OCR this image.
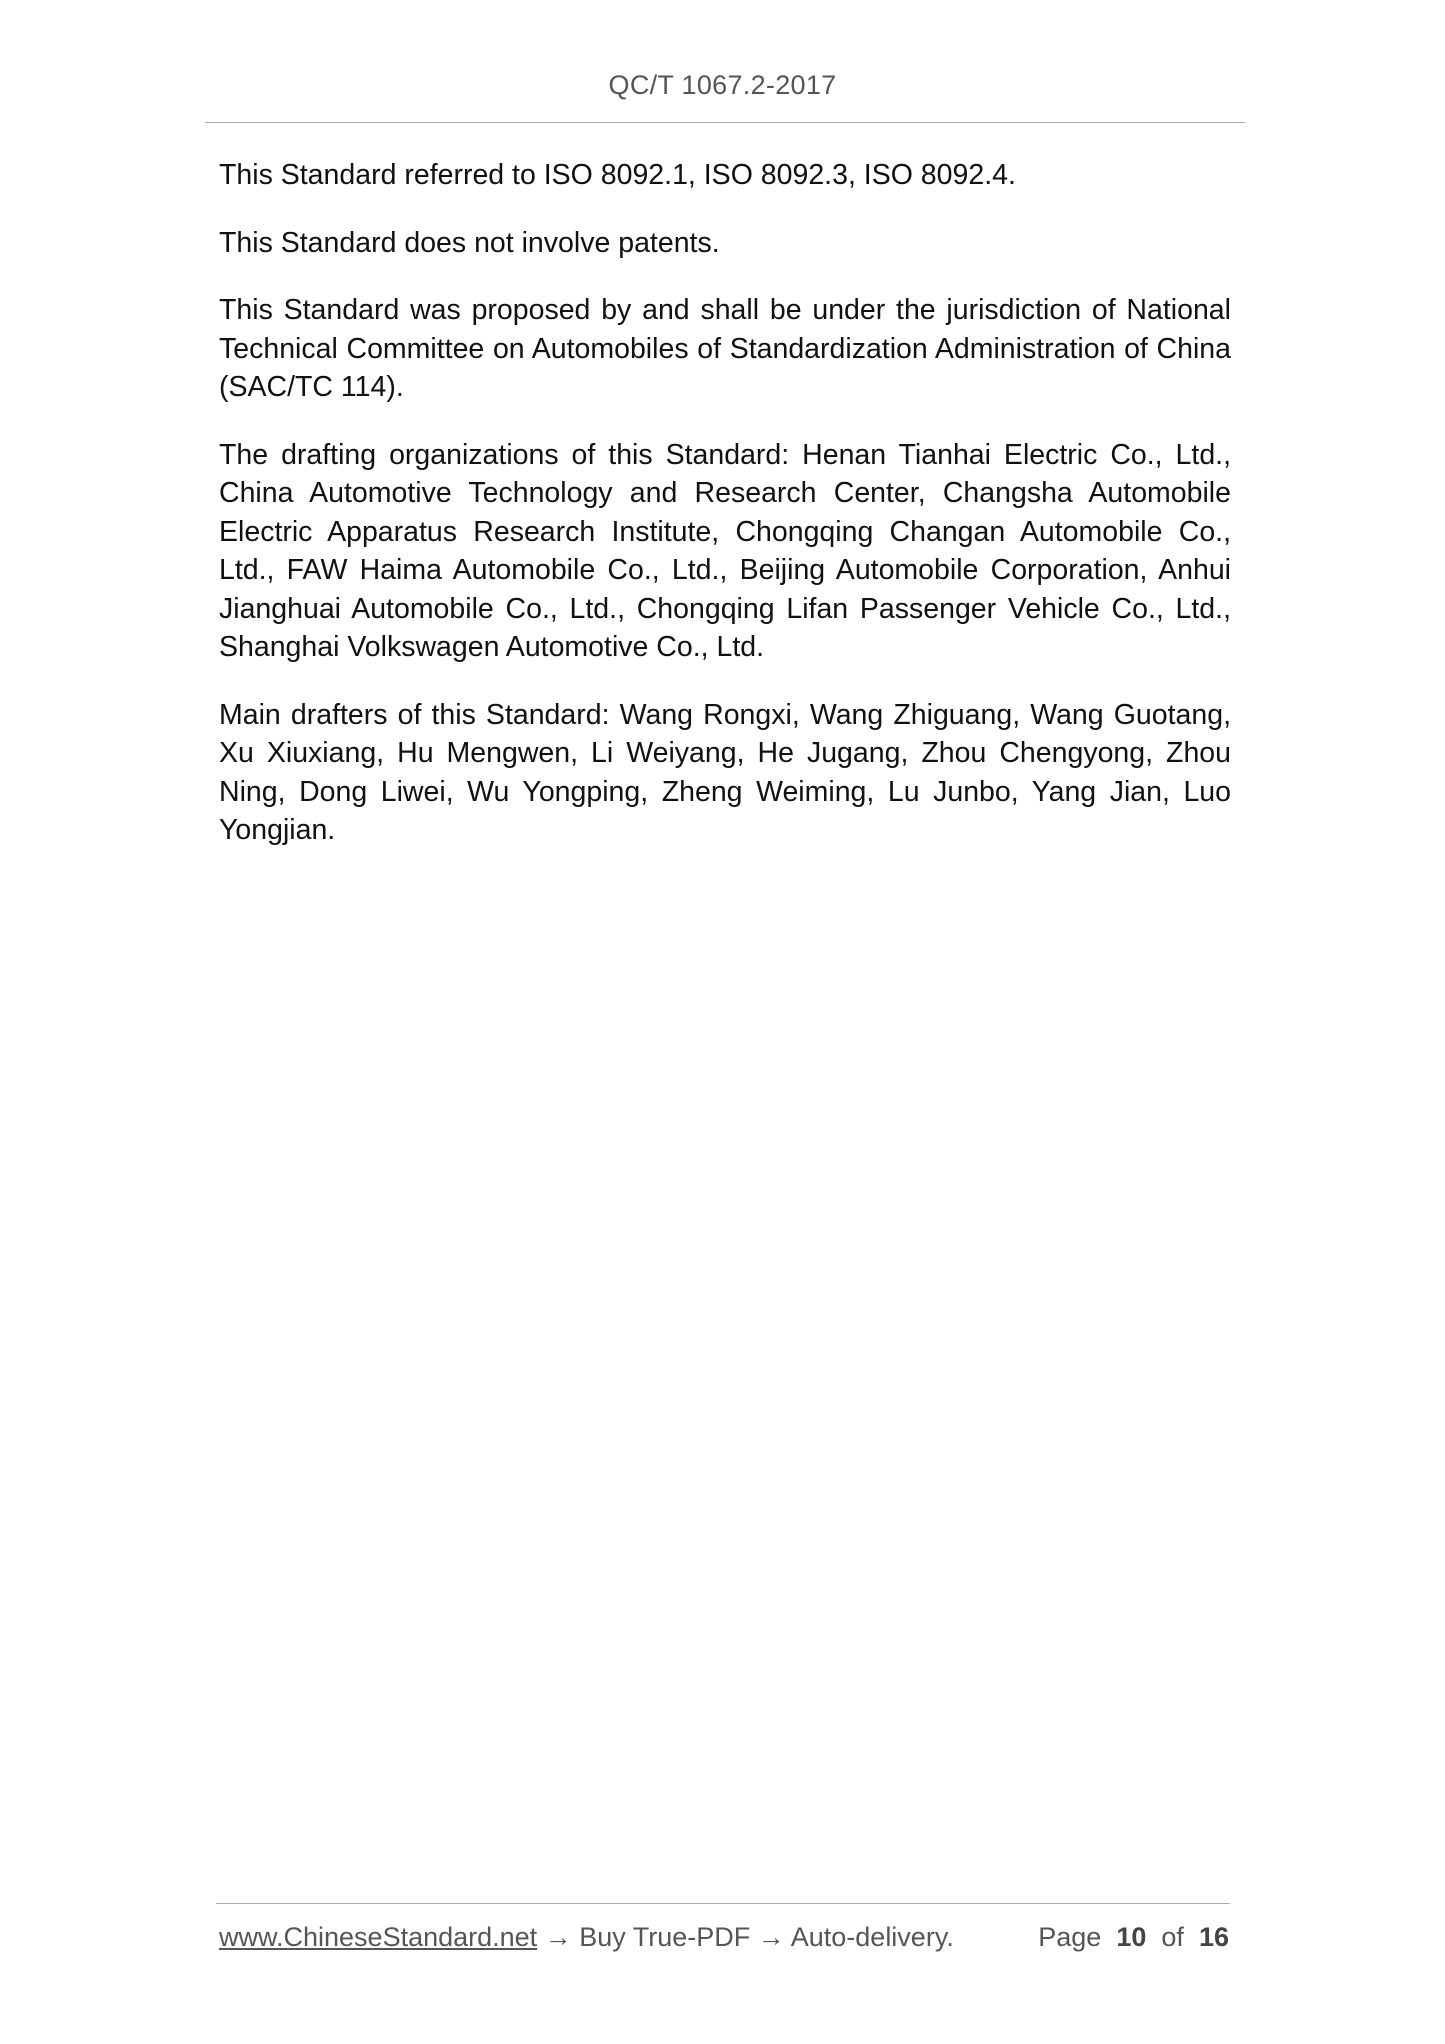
QC/T 1067.2-2017

This Standard referred to ISO 8092.1, ISO 8092.3, ISO 8092.4.

This Standard does not involve patents.

This Standard was proposed by and shall be under the jurisdiction of National Technical Committee on Automobiles of Standardization Administration of China (SAC/TC 114).

The drafting organizations of this Standard: Henan Tianhai Electric Co., Ltd., China Automotive Technology and Research Center, Changsha Automobile Electric Apparatus Research Institute, Chongqing Changan Automobile Co., Ltd., FAW Haima Automobile Co., Ltd., Beijing Automobile Corporation, Anhui Jianghuai Automobile Co., Ltd., Chongqing Lifan Passenger Vehicle Co., Ltd., Shanghai Volkswagen Automotive Co., Ltd.

Main drafters of this Standard: Wang Rongxi, Wang Zhiguang, Wang Guotang, Xu Xiuxiang, Hu Mengwen, Li Weiyang, He Jugang, Zhou Chengyong, Zhou Ning, Dong Liwei, Wu Yongping, Zheng Weiming, Lu Junbo, Yang Jian, Luo Yongjian.

www.ChineseStandard.net → Buy True-PDF → Auto-delivery.	Page 10 of 16
